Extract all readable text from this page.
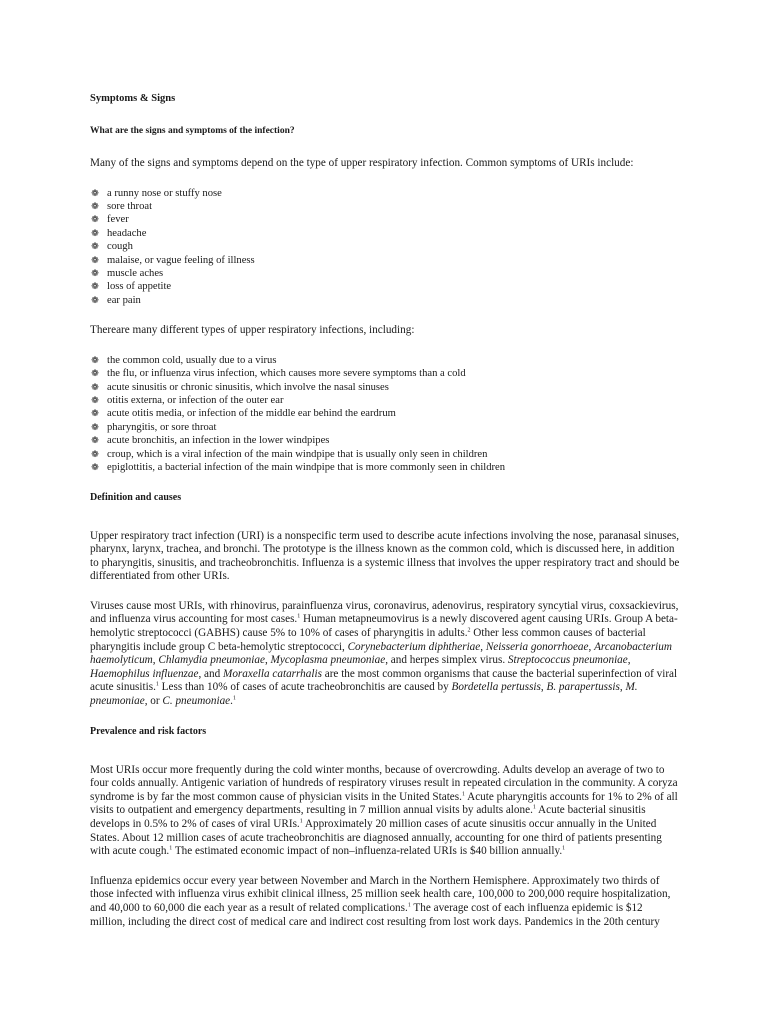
Symptoms & Signs
What are the signs and symptoms of the infection?

Many of the signs and symptoms depend on the type of upper respiratory infection. Common symptoms of URIs include:

❁ a runny nose or stuffy nose
❁ sore throat
❁ fever
❁ headache
❁ cough
❁ malaise, or vague feeling of illness
❁ muscle aches
❁ loss of appetite
❁ ear pain

Thereare many different types of upper respiratory infections, including:

❁ the common cold, usually due to a virus
❁ the flu, or influenza virus infection, which causes more severe symptoms than a cold
❁ acute sinusitis or chronic sinusitis, which involve the nasal sinuses
❁ otitis externa, or infection of the outer ear
❁ acute otitis media, or infection of the middle ear behind the eardrum
❁ pharyngitis, or sore throat
❁ acute bronchitis, an infection in the lower windpipes
❁ croup, which is a viral infection of the main windpipe that is usually only seen in children
❁ epiglottitis, a bacterial infection of the main windpipe that is more commonly seen in children
Definition and causes

Upper respiratory tract infection (URI) is a nonspecific term used to describe acute infections involving the nose, paranasal sinuses, pharynx, larynx, trachea, and bronchi. The prototype is the illness known as the common cold, which is discussed here, in addition to pharyngitis, sinusitis, and tracheobronchitis. Influenza is a systemic illness that involves the upper respiratory tract and should be differentiated from other URIs.

Viruses cause most URIs, with rhinovirus, parainfluenza virus, coronavirus, adenovirus, respiratory syncytial virus, coxsackievirus, and influenza virus accounting for most cases.$^1$ Human metapneumovirus is a newly discovered agent causing URIs. Group A beta-hemolytic streptococci (GABHS) cause 5% to 10% of cases of pharyngitis in adults.$^2$ Other less common causes of bacterial pharyngitis include group C beta-hemolytic streptococci, Corynebacterium diphtheriae, Neisseria gonorrhoeae, Arcanobacterium haemolyticum, Chlamydia pneumoniae, Mycoplasma pneumoniae, and herpes simplex virus. Streptococcus pneumoniae, Haemophilus influenzae, and Moraxella catarrhalis are the most common organisms that cause the bacterial superinfection of viral acute sinusitis.$^1$ Less than 10% of cases of acute tracheobronchitis are caused by Bordetella pertussis, B. parapertussis, M. pneumoniae, or C. pneumoniae.$^1$

Prevalence and risk factors

Most URIs occur more frequently during the cold winter months, because of overcrowding. Adults develop an average of two to four colds annually. Antigenic variation of hundreds of respiratory viruses result in repeated circulation in the community. A coryza syndrome is by far the most common cause of physician visits in the United States.$^1$ Acute pharyngitis accounts for 1% to 2% of all visits to outpatient and emergency departments, resulting in 7 million annual visits by adults alone.$^1$ Acute bacterial sinusitis develops in 0.5% to 2% of cases of viral URIs.$^1$ Approximately 20 million cases of acute sinusitis occur annually in the United States. About 12 million cases of acute tracheobronchitis are diagnosed annually, accounting for one third of patients presenting with acute cough.$^1$ The estimated economic impact of non–influenza-related URIs is $40 billion annually.$^1$

Influenza epidemics occur every year between November and March in the Northern Hemisphere. Approximately two thirds of those infected with influenza virus exhibit clinical illness, 25 million seek health care, 100,000 to 200,000 require hospitalization, and 40,000 to 60,000 die each year as a result of related complications.$^1$ The average cost of each influenza epidemic is $12 million, including the direct cost of medical care and indirect cost resulting from lost work days. Pandemics in the 20th century
